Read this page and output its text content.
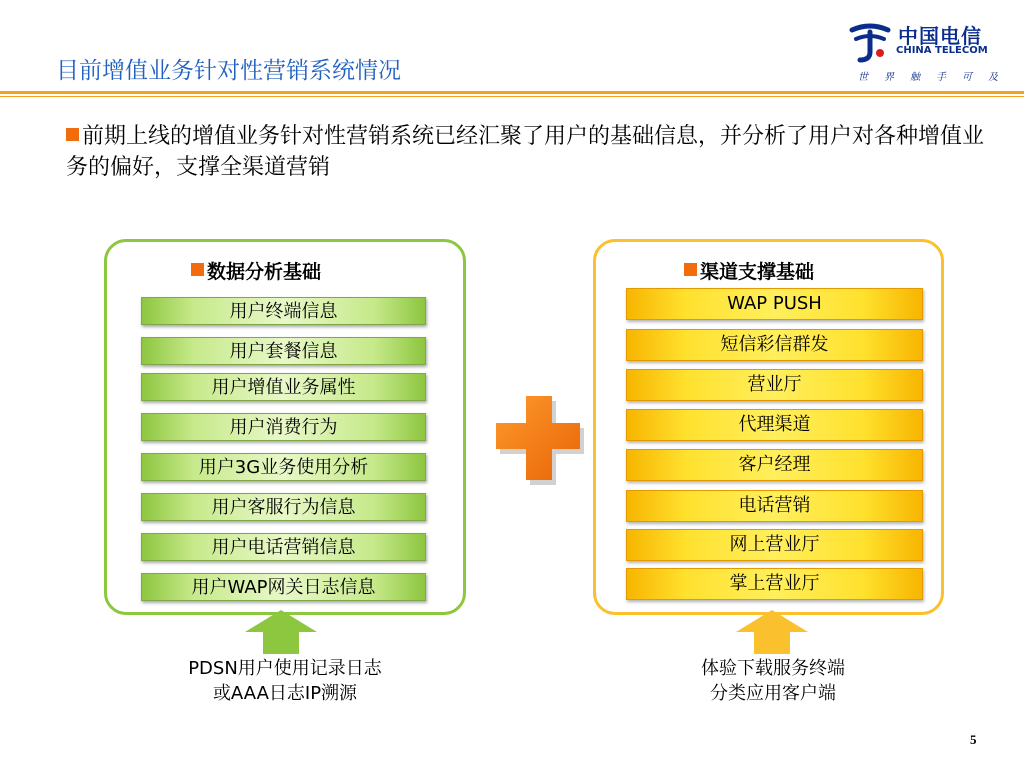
目前增值业务针对性营销系统情况
中国电信
CHINA TELECOM
世界触手可及
前期上线的增值业务针对性营销系统已经汇聚了用户的基础信息，并分析了用户对各种增值业务的偏好，支撑全渠道营销
数据分析基础
用户终端信息
用户套餐信息
用户增值业务属性
用户消费行为
用户3G业务使用分析
用户客服行为信息
用户电话营销信息
用户WAP网关日志信息
渠道支撑基础
WAP PUSH
短信彩信群发
营业厅
代理渠道
客户经理
电话营销
网上营业厅
掌上营业厅
PDSN用户使用记录日志
或AAA日志IP溯源
体验下载服务终端
分类应用客户端
5
